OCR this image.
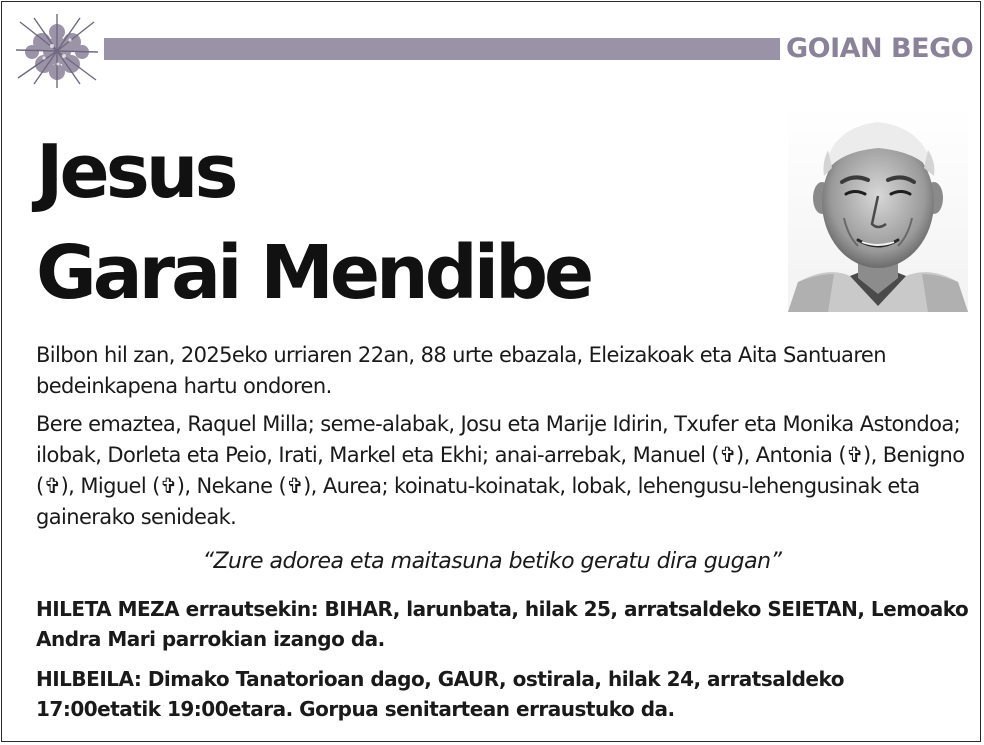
GOIAN BEGO
Jesus
Garai Mendibe
Bilbon hil zan, 2025eko urriaren 22an, 88 urte ebazala, Eleizakoak eta Aita Santuaren bedeinkapena hartu ondoren.
Bere emaztea, Raquel Milla; seme-alabak, Josu eta Marije Idirin, Txufer eta Monika Astondoa; ilobak, Dorleta eta Peio, Irati, Markel eta Ekhi; anai-arrebak, Manuel (✞), Antonia (✞), Benigno (✞), Miguel (✞), Nekane (✞), Aurea; koinatu-koinatak, lobak, lehengusu-lehengusinak eta gainerako senideak.
“Zure adorea eta maitasuna betiko geratu dira gugan”
HILETA MEZA errautsekin: BIHAR, larunbata, hilak 25, arratsaldeko SEIETAN, Lemoako Andra Mari parrokian izango da.
HILBEILA: Dimako Tanatorioan dago, GAUR, ostirala, hilak 24, arratsaldeko 17:00etatik 19:00etara. Gorpua senitartean erraustuko da.
